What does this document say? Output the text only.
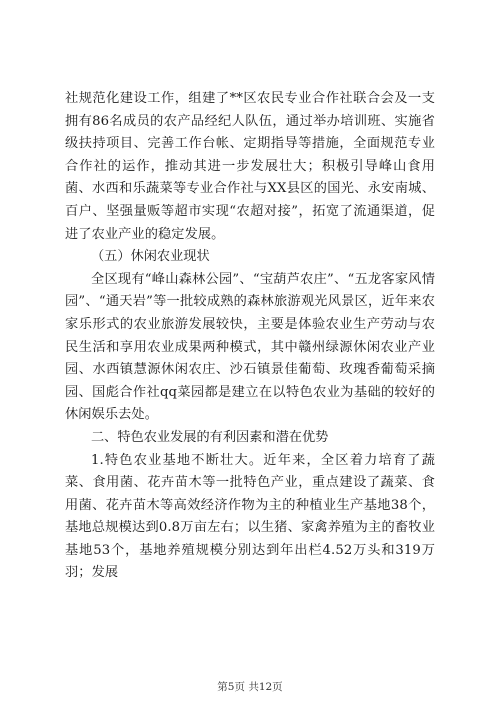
社规范化建设工作，组建了**区农民专业合作社联合会及一支拥有86名成员的农产品经纪人队伍，通过举办培训班、实施省级扶持项目、完善工作台帐、定期指导等措施，全面规范专业合作社的运作，推动其进一步发展壮大；积极引导峰山食用菌、水西和乐蔬菜等专业合作社与XX县区的国光、永安南城、百户、坚强量贩等超市实现“农超对接”，拓宽了流通渠道，促进了农业产业的稳定发展。

（五）休闲农业现状

全区现有“峰山森林公园”、“宝葫芦农庄”、“五龙客家风情园”、“通天岩”等一批较成熟的森林旅游观光风景区，近年来农家乐形式的农业旅游发展较快，主要是体验农业生产劳动与农民生活和享用农业成果两种模式，其中赣州绿源休闲农业产业园、水西镇慧源休闲农庄、沙石镇景佳葡萄、玫瑰香葡萄采摘园、国彪合作社qq菜园都是建立在以特色农业为基础的较好的休闲娱乐去处。

二、特色农业发展的有利因素和潜在优势

1.特色农业基地不断壮大。近年来，全区着力培育了蔬菜、食用菌、花卉苗木等一批特色产业，重点建设了蔬菜、食用菌、花卉苗木等高效经济作物为主的种植业生产基地38个，基地总规模达到0.8万亩左右；以生猪、家禽养殖为主的畜牧业基地53个，基地养殖规模分别达到年出栏4.52万头和319万羽；发展

第5页 共12页
